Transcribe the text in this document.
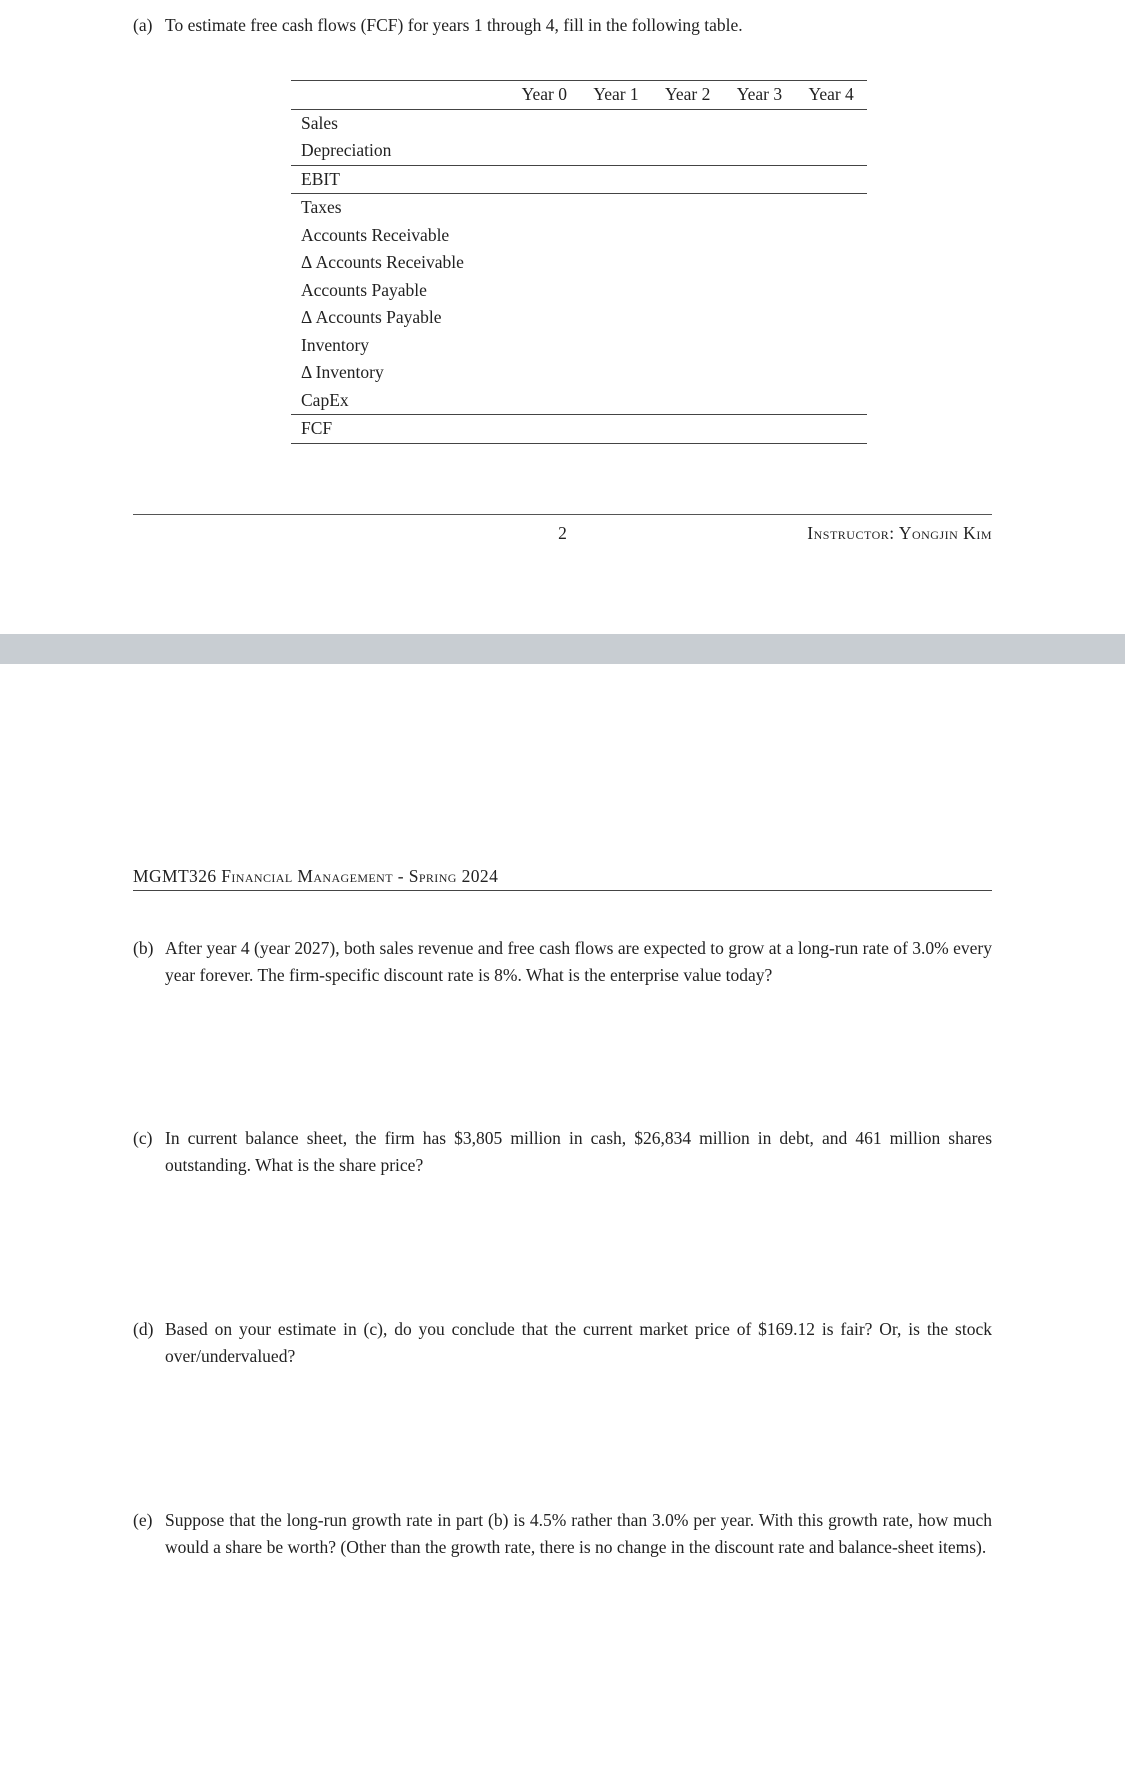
(a) To estimate free cash flows (FCF) for years 1 through 4, fill in the following table.
	Year 0	Year 1	Year 2	Year 3	Year 4
Sales					
Depreciation					
EBIT					
Taxes					
Accounts Receivable					
Δ Accounts Receivable					
Accounts Payable					
Δ Accounts Payable					
Inventory					
Δ Inventory					
CapEx					
FCF					
2	Instructor: Yongjin Kim
MGMT326 Financial Management - Spring 2024
(b) After year 4 (year 2027), both sales revenue and free cash flows are expected to grow at a long-run rate of 3.0% every year forever. The firm-specific discount rate is 8%. What is the enterprise value today?
(c) In current balance sheet, the firm has $3,805 million in cash, $26,834 million in debt, and 461 million shares outstanding. What is the share price?
(d) Based on your estimate in (c), do you conclude that the current market price of $169.12 is fair? Or, is the stock over/undervalued?
(e) Suppose that the long-run growth rate in part (b) is 4.5% rather than 3.0% per year. With this growth rate, how much would a share be worth? (Other than the growth rate, there is no change in the discount rate and balance-sheet items).
